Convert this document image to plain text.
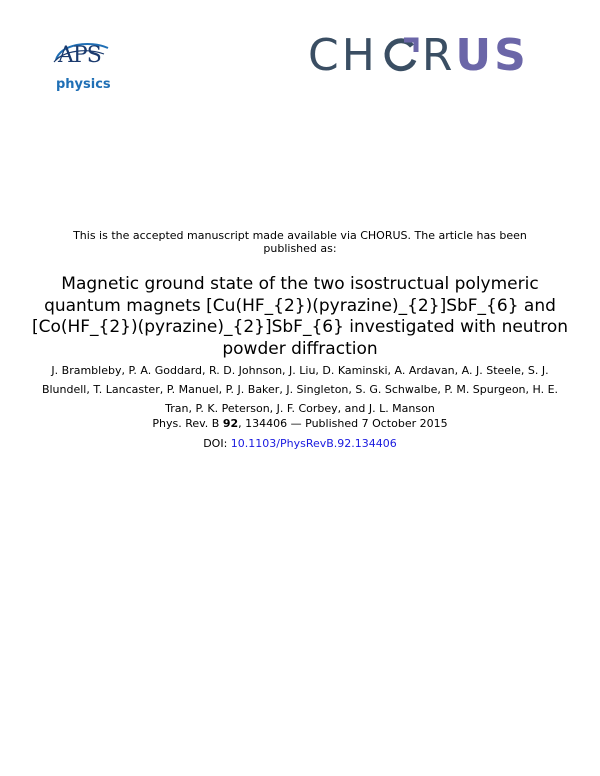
APS
physics
CH R US
This is the accepted manuscript made available via CHORUS. The article has been published as:
Magnetic ground state of the two isostructual polymeric quantum magnets [Cu(HF_{2})(pyrazine)_{2}]SbF_{6} and [Co(HF_{2})(pyrazine)_{2}]SbF_{6} investigated with neutron powder diffraction
J. Brambleby, P. A. Goddard, R. D. Johnson, J. Liu, D. Kaminski, A. Ardavan, A. J. Steele, S. J. Blundell, T. Lancaster, P. Manuel, P. J. Baker, J. Singleton, S. G. Schwalbe, P. M. Spurgeon, H. E. Tran, P. K. Peterson, J. F. Corbey, and J. L. Manson
Phys. Rev. B 92, 134406 — Published 7 October 2015
DOI: 10.1103/PhysRevB.92.134406
